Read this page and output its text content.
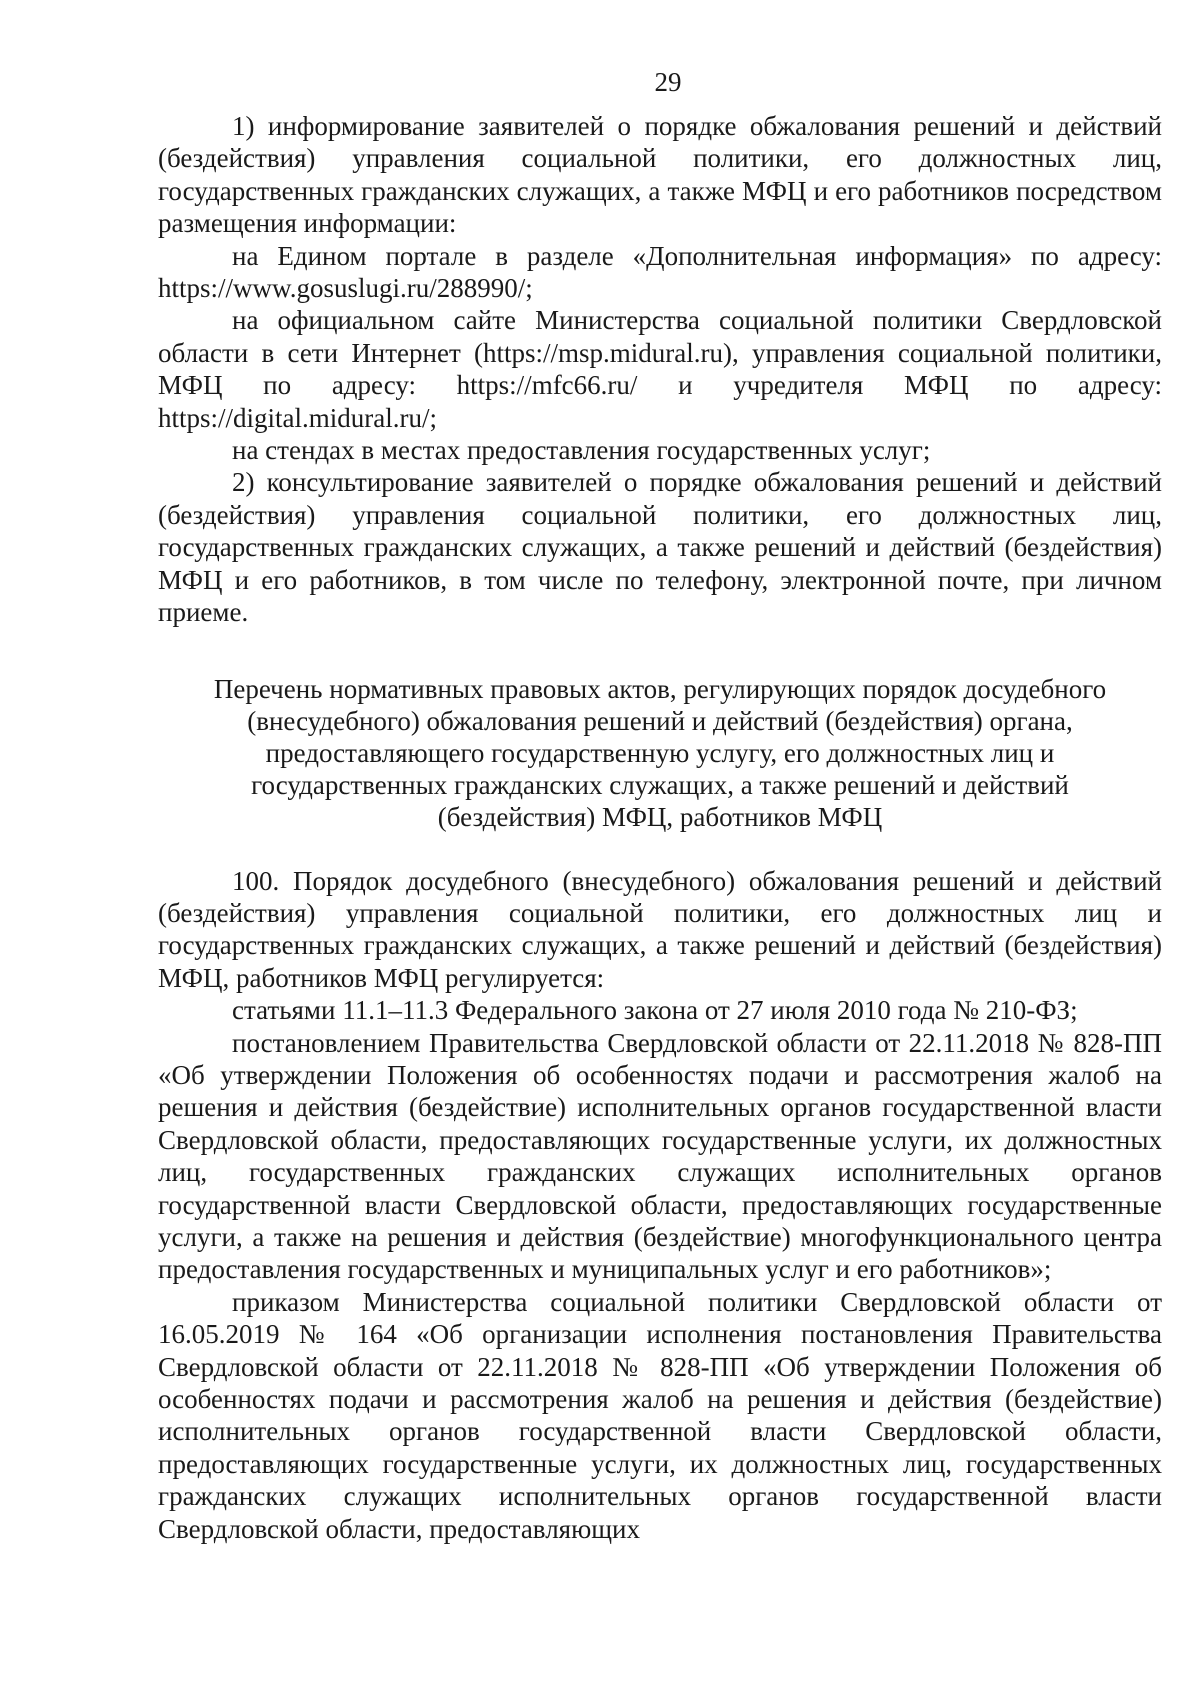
29

1) информирование заявителей о порядке обжалования решений и действий (бездействия) управления социальной политики, его должностных лиц, государственных гражданских служащих, а также МФЦ и его работников посредством размещения информации:

на Едином портале в разделе «Дополнительная информация» по адресу: https://www.gosuslugi.ru/288990/;

на официальном сайте Министерства социальной политики Свердловской области в сети Интернет (https://msp.midural.ru), управления социальной политики, МФЦ по адресу: https://mfc66.ru/ и учредителя МФЦ по адресу: https://digital.midural.ru/;

на стендах в местах предоставления государственных услуг;

2) консультирование заявителей о порядке обжалования решений и действий (бездействия) управления социальной политики, его должностных лиц, государственных гражданских служащих, а также решений и действий (бездействия) МФЦ и его работников, в том числе по телефону, электронной почте, при личном приеме.

Перечень нормативных правовых актов, регулирующих порядок досудебного
(внесудебного) обжалования решений и действий (бездействия) органа,
предоставляющего государственную услугу, его должностных лиц и
государственных гражданских служащих, а также решений и действий
(бездействия) МФЦ, работников МФЦ

100. Порядок досудебного (внесудебного) обжалования решений и действий (бездействия) управления социальной политики, его должностных лиц и государственных гражданских служащих, а также решений и действий (бездействия) МФЦ, работников МФЦ регулируется:

статьями 11.1–11.3 Федерального закона от 27 июля 2010 года № 210-ФЗ;

постановлением Правительства Свердловской области от 22.11.2018 № 828-ПП «Об утверждении Положения об особенностях подачи и рассмотрения жалоб на решения и действия (бездействие) исполнительных органов государственной власти Свердловской области, предоставляющих государственные услуги, их должностных лиц, государственных гражданских служащих исполнительных органов государственной власти Свердловской области, предоставляющих государственные услуги, а также на решения и действия (бездействие) многофункционального центра предоставления государственных и муниципальных услуг и его работников»;

приказом Министерства социальной политики Свердловской области от 16.05.2019 № 164 «Об организации исполнения постановления Правительства Свердловской области от 22.11.2018 № 828-ПП «Об утверждении Положения об особенностях подачи и рассмотрения жалоб на решения и действия (бездействие) исполнительных органов государственной власти Свердловской области, предоставляющих государственные услуги, их должностных лиц, государственных гражданских служащих исполнительных органов государственной власти Свердловской области, предоставляющих
